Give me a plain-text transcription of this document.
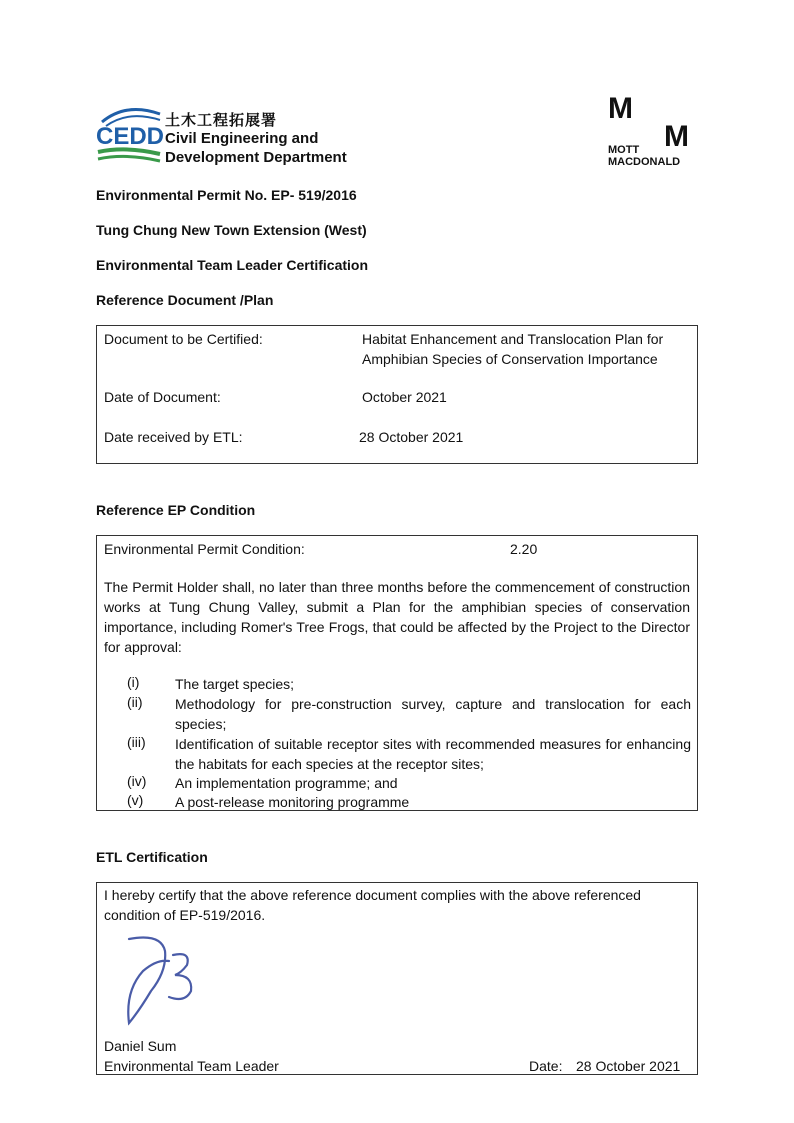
CEDD
土木工程拓展署
Civil Engineering and
Development Department
M
M
MOTT
MACDONALD
Environmental Permit No. EP- 519/2016
Tung Chung New Town Extension (West)
Environmental Team Leader Certification
Reference Document /Plan
Document to be Certified:	Habitat Enhancement and Translocation Plan for
Amphibian Species of Conservation Importance
Date of Document:	October 2021
Date received by ETL:	28 October 2021
Reference EP Condition
Environmental Permit Condition:	2.20
The Permit Holder shall, no later than three months before the commencement of construction works at Tung Chung Valley, submit a Plan for the amphibian species of conservation importance, including Romer's Tree Frogs, that could be affected by the Project to the Director for approval:
(i)	The target species;
(ii) Methodology for pre-construction survey, capture and translocation for each species;
(iii) Identification of suitable receptor sites with recommended measures for enhancing the habitats for each species at the receptor sites;
(iv) An implementation programme; and
(v) A post-release monitoring programme
ETL Certification
I hereby certify that the above reference document complies with the above referenced condition of EP-519/2016.
Daniel Sum
Environmental Team Leader	Date: 28 October 2021
